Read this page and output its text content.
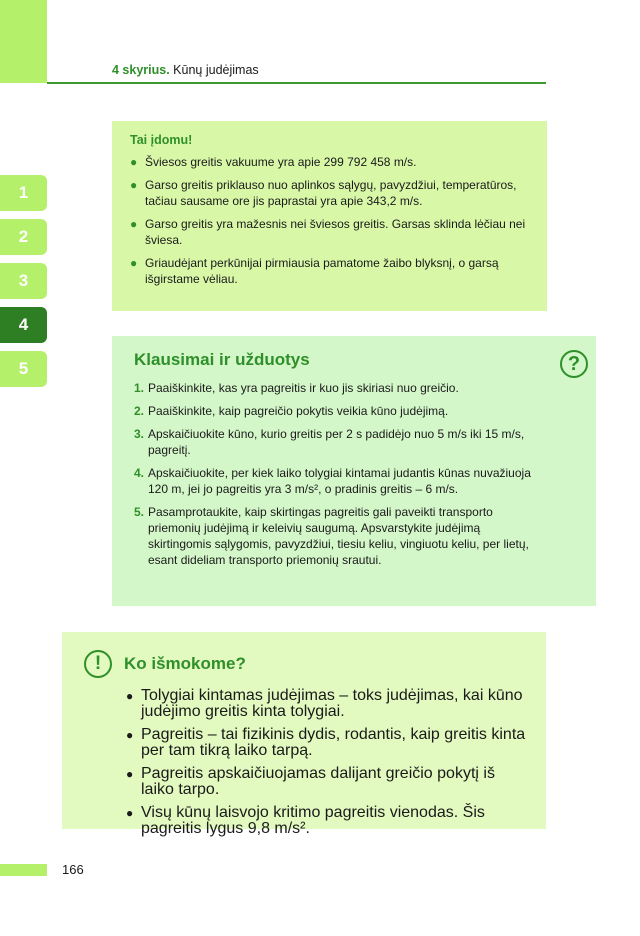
4 skyrius. Kūnų judėjimas
1
2
3
4
5
Tai įdomu!
● Šviesos greitis vakuume yra apie 299 792 458 m/s.
● Garso greitis priklauso nuo aplinkos sąlygų, pavyzdžiui, temperatūros, tačiau sausame ore jis paprastai yra apie 343,2 m/s.
● Garso greitis yra mažesnis nei šviesos greitis. Garsas sklinda lėčiau nei šviesa.
● Griaudėjant perkūnijai pirmiausia pamatome žaibo blyksnį, o garsą išgirstame vėliau.
Klausimai ir užduotys	?
1. Paaiškinkite, kas yra pagreitis ir kuo jis skiriasi nuo greičio.
2. Paaiškinkite, kaip pagreičio pokytis veikia kūno judėjimą.
3. Apskaičiuokite kūno, kurio greitis per 2 s padidėjo nuo 5 m/s iki 15 m/s, pagreitį.
4. Apskaičiuokite, per kiek laiko tolygiai kintamai judantis kūnas nuvažiuoja 120 m, jei jo pagreitis yra 3 m/s², o pradinis greitis – 6 m/s.
5. Pasamprotaukite, kaip skirtingas pagreitis gali paveikti transporto priemonių judėjimą ir keleivių saugumą. Apsvarstykite judėjimą skirtingomis sąlygomis, pavyzdžiui, tiesiu keliu, vingiuotu keliu, per lietų, esant dideliam transporto priemonių srautui.
!	Ko išmokome?
● Tolygiai kintamas judėjimas – toks judėjimas, kai kūno judėjimo greitis kinta tolygiai.
● Pagreitis – tai fizikinis dydis, rodantis, kaip greitis kinta per tam tikrą laiko tarpą.
● Pagreitis apskaičiuojamas dalijant greičio pokytį iš laiko tarpo.
● Visų kūnų laisvojo kritimo pagreitis vienodas. Šis pagreitis lygus 9,8 m/s².
166
